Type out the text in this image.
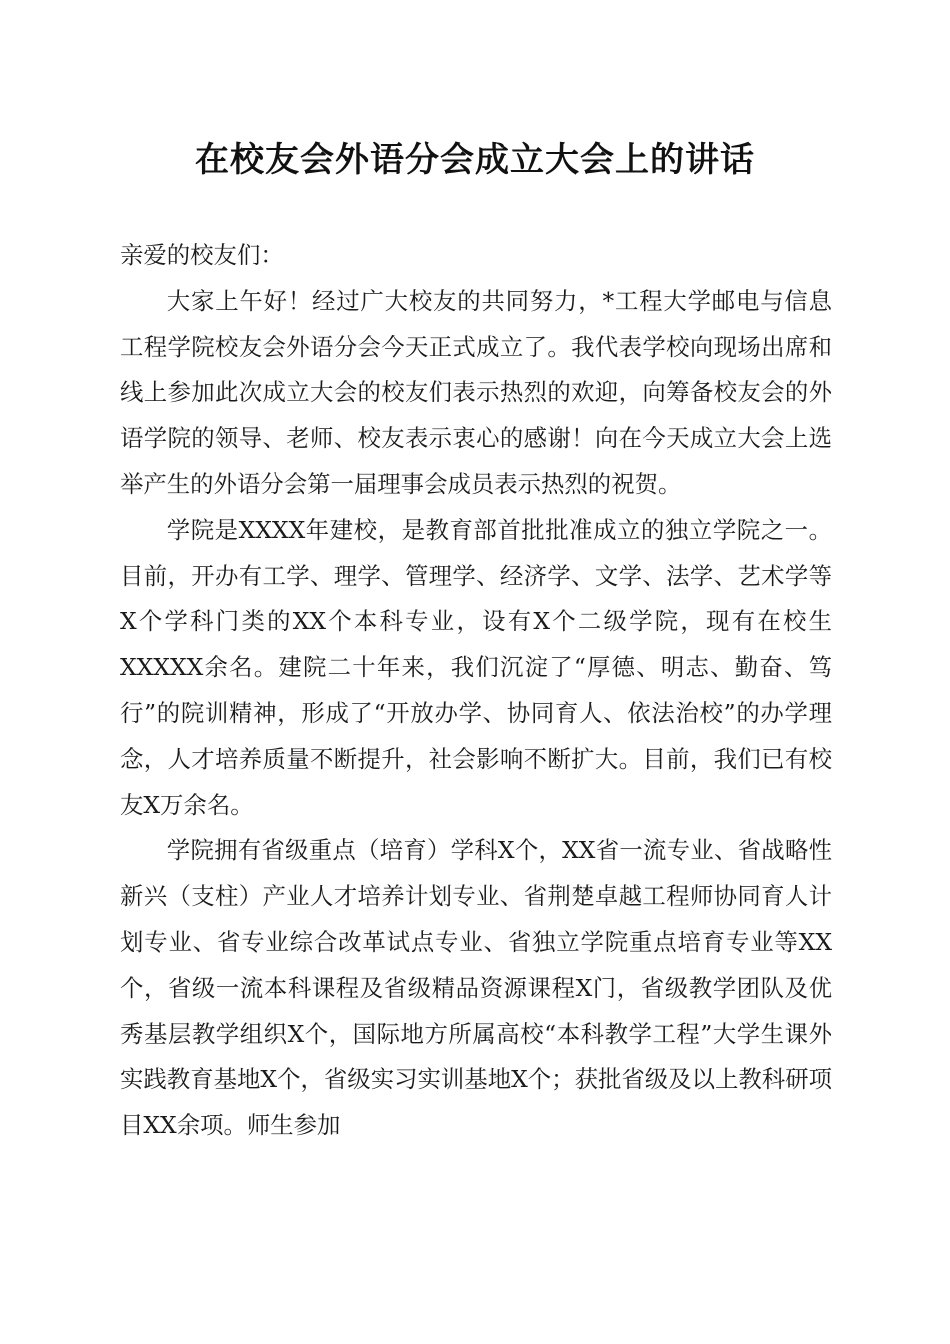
在校友会外语分会成立大会上的讲话

亲爱的校友们：

大家上午好！经过广大校友的共同努力，*工程大学邮电与信息工程学院校友会外语分会今天正式成立了。我代表学校向现场出席和线上参加此次成立大会的校友们表示热烈的欢迎，向筹备校友会的外语学院的领导、老师、校友表示衷心的感谢！向在今天成立大会上选举产生的外语分会第一届理事会成员表示热烈的祝贺。

学院是XXXX年建校，是教育部首批批准成立的独立学院之一。目前，开办有工学、理学、管理学、经济学、文学、法学、艺术学等X个学科门类的XX个本科专业，设有X个二级学院，现有在校生XXXXX余名。建院二十年来，我们沉淀了“厚德、明志、勤奋、笃行”的院训精神，形成了“开放办学、协同育人、依法治校”的办学理念，人才培养质量不断提升，社会影响不断扩大。目前，我们已有校友X万余名。

学院拥有省级重点（培育）学科X个，XX省一流专业、省战略性新兴（支柱）产业人才培养计划专业、省荆楚卓越工程师协同育人计划专业、省专业综合改革试点专业、省独立学院重点培育专业等XX个，省级一流本科课程及省级精品资源课程X门，省级教学团队及优秀基层教学组织X个，国际地方所属高校“本科教学工程”大学生课外实践教育基地X个，省级实习实训基地X个；获批省级及以上教科研项目XX余项。师生参加
